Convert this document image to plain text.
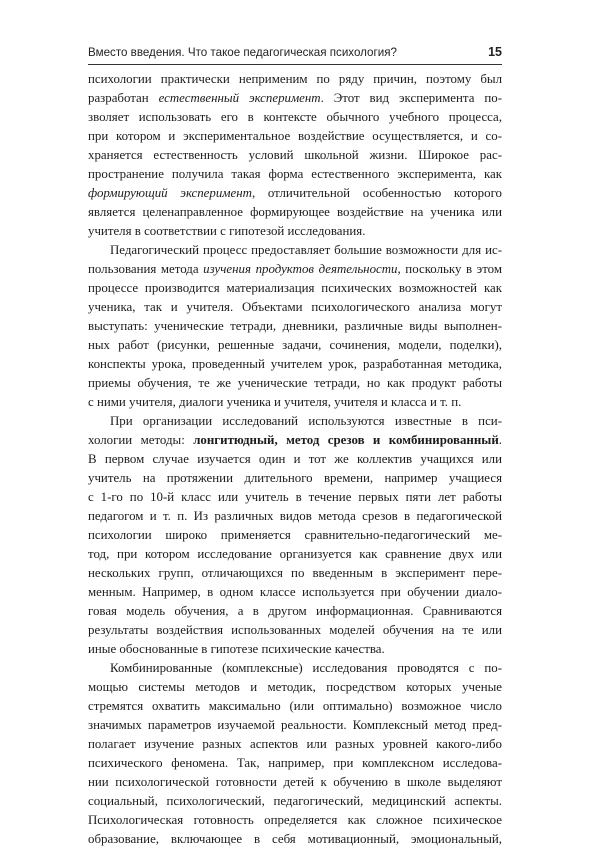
Вместо введения. Что такое педагогическая психология?	15
психологии практически неприменим по ряду причин, поэтому был
разработан естественный эксперимент. Этот вид эксперимента по-
зволяет использовать его в контексте обычного учебного процесса,
при котором и экспериментальное воздействие осуществляется, и со-
храняется естественность условий школьной жизни. Широкое рас-
пространение получила такая форма естественного эксперимента, как
формирующий эксперимент, отличительной особенностью которого
является целенаправленное формирующее воздействие на ученика или
учителя в соответствии с гипотезой исследования.
Педагогический процесс предоставляет большие возможности для ис-
пользования метода изучения продуктов деятельности, поскольку в этом
процессе производится материализация психических возможностей как
ученика, так и учителя. Объектами психологического анализа могут
выступать: ученические тетради, дневники, различные виды выполнен-
ных работ (рисунки, решенные задачи, сочинения, модели, поделки),
конспекты урока, проведенный учителем урок, разработанная методика,
приемы обучения, те же ученические тетради, но как продукт работы
с ними учителя, диалоги ученика и учителя, учителя и класса и т. п.
При организации исследований используются известные в пси-
хологии методы: лонгитюдный, метод срезов и комбинированный.
В первом случае изучается один и тот же коллектив учащихся или
учитель на протяжении длительного времени, например учащиеся
с 1-го по 10-й класс или учитель в течение первых пяти лет работы
педагогом и т. п. Из различных видов метода срезов в педагогической
психологии широко применяется сравнительно-педагогический ме-
тод, при котором исследование организуется как сравнение двух или
нескольких групп, отличающихся по введенным в эксперимент пере-
менным. Например, в одном классе используется при обучении диало-
говая модель обучения, а в другом информационная. Сравниваются
результаты воздействия использованных моделей обучения на те или
иные обоснованные в гипотезе психические качества.
Комбинированные (комплексные) исследования проводятся с по-
мощью системы методов и методик, посредством которых ученые
стремятся охватить максимально (или оптимально) возможное число
значимых параметров изучаемой реальности. Комплексный метод пред-
полагает изучение разных аспектов или разных уровней какого-либо
психического феномена. Так, например, при комплексном исследова-
нии психологической готовности детей к обучению в школе выделяют
социальный, психологический, педагогический, медицинский аспекты.
Психологическая готовность определяется как сложное психическое
образование, включающее в себя мотивационный, эмоциональный,
